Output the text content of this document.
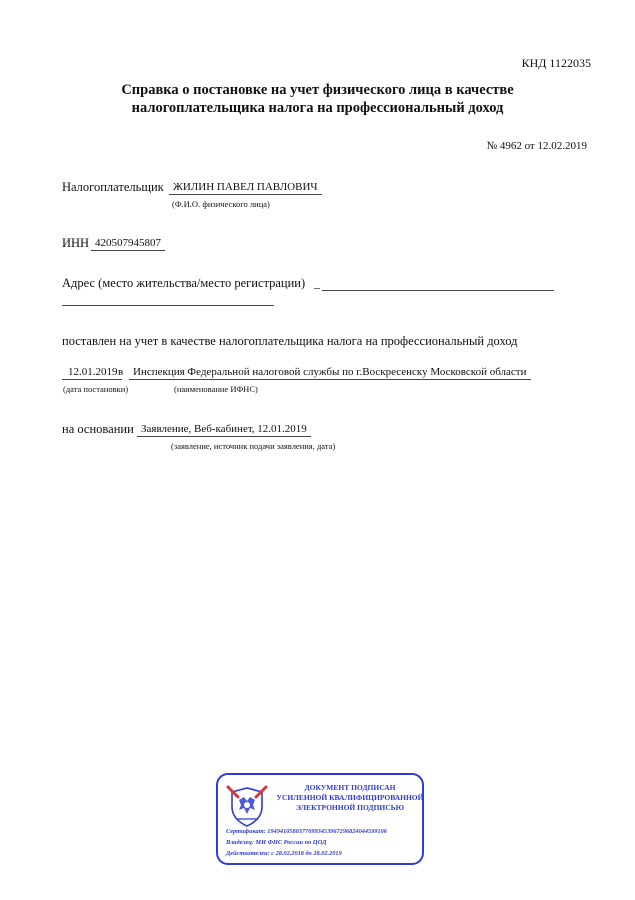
КНД 1122035
Справка о постановке на учет физического лица в качестве
налогоплательщика налога на профессиональный доход
№ 4962 от 12.02.2019
Налогоплательщик ЖИЛИН ПАВЕЛ ПАВЛОВИЧ
(Ф.И.О. физического лица)
ИНН 420507945807
Адрес (место жительства/место регистрации) _
поставлен на учет в качестве налогоплательщика налога на профессиональный доход
12.01.2019 в Инспекция Федеральной налоговой службы по г.Воскресенску Московской области
(дата постановки)	(наименование ИФНС)
на основании Заявление, Веб-кабинет, 12.01.2019
(заявление, источник подачи заявления, дата)
ДОКУМЕНТ ПОДПИСАН
УСИЛЕННОЙ КВАЛИФИЦИРОВАННОЙ
ЭЛЕКТРОННОЙ ПОДПИСЬЮ
Сертификат: 19494105803770993453967296824044599106
Владелец: МИ ФНС России по ЦОД
Действителен: с 28.02.2018 до 28.02.2019
